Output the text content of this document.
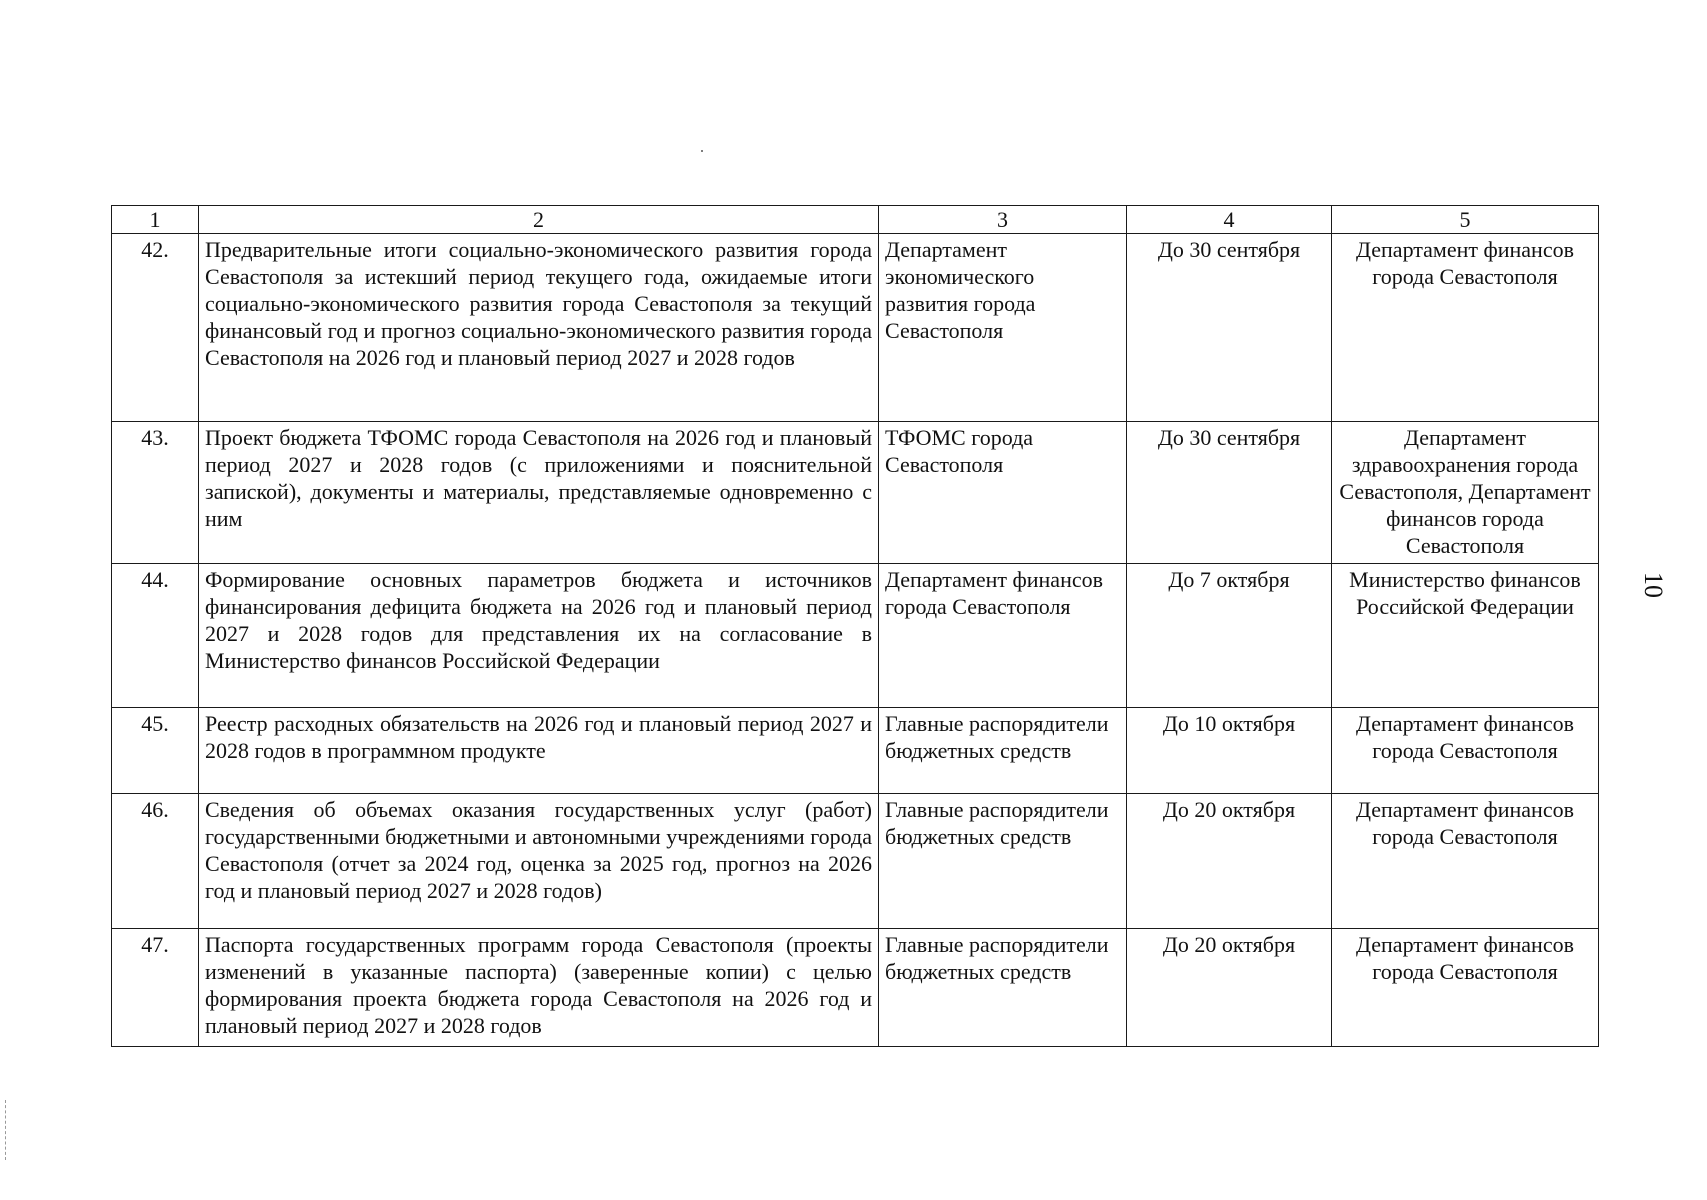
1	2	3	4	5
42.	Предварительные итоги социально-экономического развития города Севастополя за истекший период текущего года, ожидаемые итоги социально-экономического развития города Севастополя за текущий финансовый год и прогноз социально-экономического развития города Севастополя на 2026 год и плановый период 2027 и 2028 годов	Департамент экономического развития города Севастополя	До 30 сентября	Департамент финансов города Севастополя
43.	Проект бюджета ТФОМС города Севастополя на 2026 год и плановый период 2027 и 2028 годов (с приложениями и пояснительной запиской), документы и материалы, представляемые одновременно с ним	ТФОМС города Севастополя	До 30 сентября	Департамент здравоохранения города Севастополя, Департамент финансов города Севастополя
44.	Формирование основных параметров бюджета и источников финансирования дефицита бюджета на 2026 год и плановый период 2027 и 2028 годов для представления их на согласование в Министерство финансов Российской Федерации	Департамент финансов города Севастополя	До 7 октября	Министерство финансов Российской Федерации
45.	Реестр расходных обязательств на 2026 год и плановый период 2027 и 2028 годов в программном продукте	Главные распорядители бюджетных средств	До 10 октября	Департамент финансов города Севастополя
46.	Сведения об объемах оказания государственных услуг (работ) государственными бюджетными и автономными учреждениями города Севастополя (отчет за 2024 год, оценка за 2025 год, прогноз на 2026 год и плановый период 2027 и 2028 годов)	Главные распорядители бюджетных средств	До 20 октября	Департамент финансов города Севастополя
47.	Паспорта государственных программ города Севастополя (проекты изменений в указанные паспорта) (заверенные копии) с целью формирования проекта бюджета города Севастополя на 2026 год и плановый период 2027 и 2028 годов	Главные распорядители бюджетных средств	До 20 октября	Департамент финансов города Севастополя
10
